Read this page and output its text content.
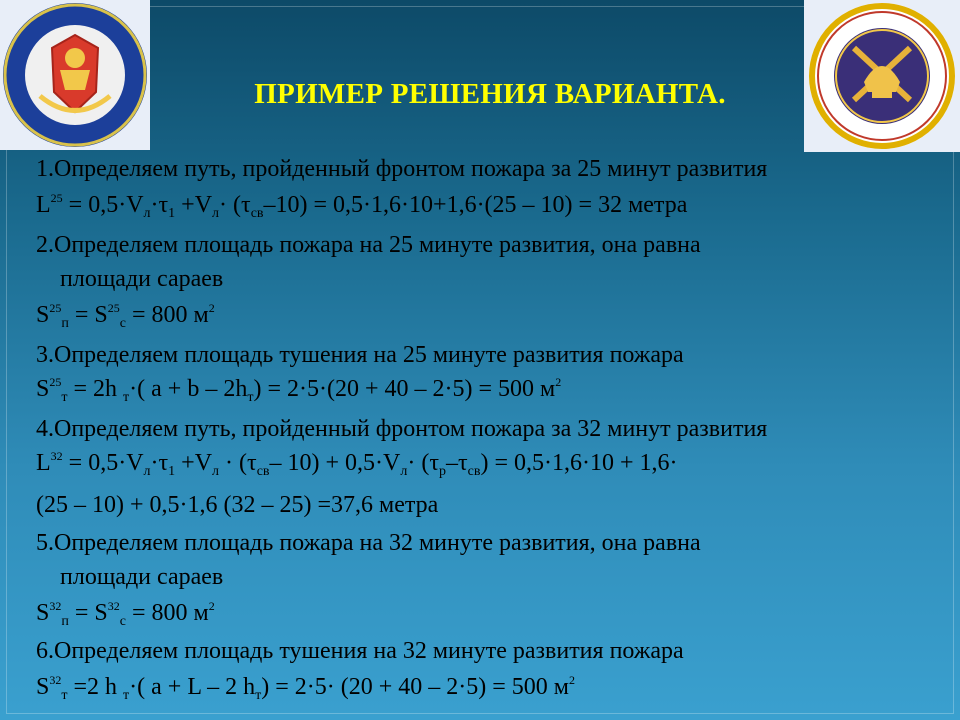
ПРИМЕР РЕШЕНИЯ ВАРИАНТА.
1.Определяем путь, пройденный фронтом пожара за 25 минут развития
$L^{25} = 0,5\cdot V_л\cdot\tau_1 +V_л\cdot (\tau_{св}-10) = 0,5\cdot 1,6\cdot 10+1,6\cdot(25 - 10) = 32$ метра
2.Определяем площадь пожара на 25 минуте развития, она равна
площади сараев
$S^{25}_п = S^{25}_с = 800$ $м^2$
3.Определяем площадь тушения на 25 минуте развития пожара
$S^{25}_т = 2h$ $_т$·( $a + b - 2h_т) = 2\cdot 5\cdot(20 + 40 - 2\cdot 5) = 500$ $м^2$
4.Определяем путь, пройденный фронтом пожара за 32 минут развития
$L^{32} = 0,5\cdot V_л\cdot\tau_1 +V_л \cdot (\tau_{св}-$ $10) + 0,5\cdot V_л\cdot (\tau_р-\tau_{св}) = 0,5\cdot 1,6\cdot 10 + 1,6\cdot$
(25 – 10) + 0,5·1,6 (32 – 25) =37,6 метра
5.Определяем площадь пожара на 32 минуте развития, она равна
площади сараев
$S^{32}_п = S^{32}_с = 800$ $м^2$
6.Определяем площадь тушения на 32 минуте развития пожара
$S^{32}_т =2$ h $_т$·( a + L – 2 $h_т) = 2\cdot 5\cdot (20 + 40 - 2\cdot 5) = 500$ $м^2$
